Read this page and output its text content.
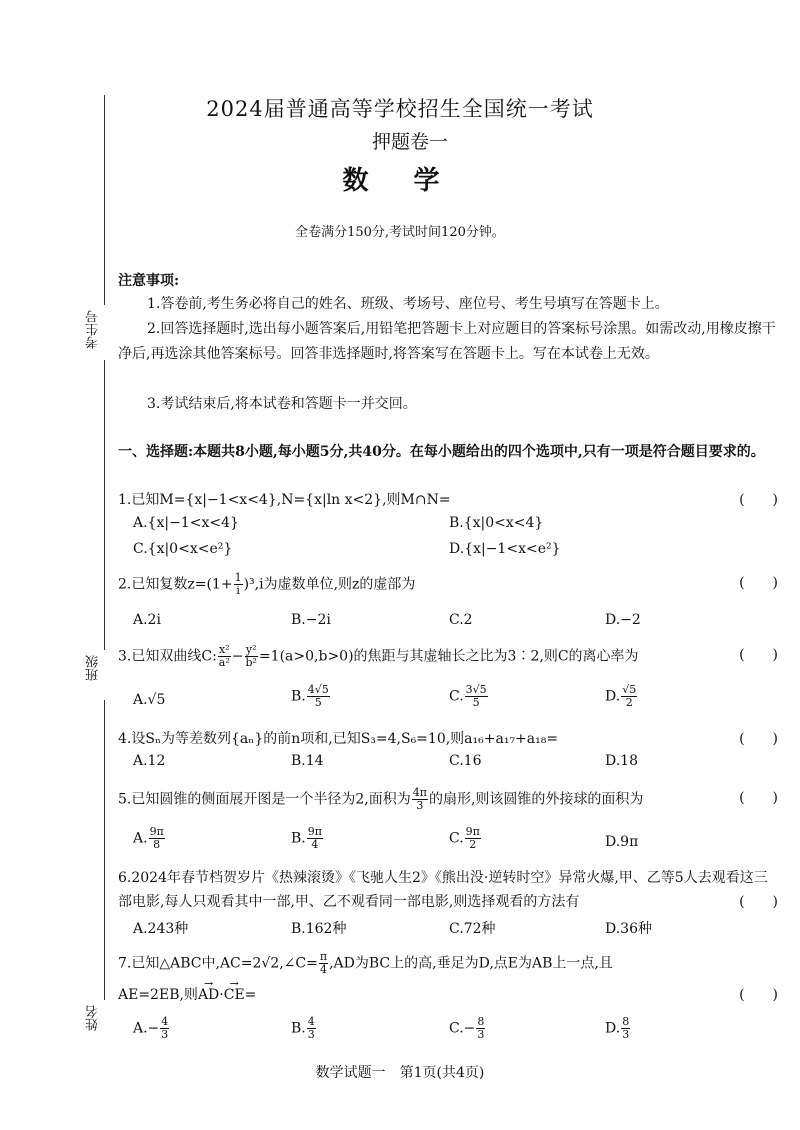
2024届普通高等学校招生全国统一考试
押题卷一
数 学
全卷满分150分,考试时间120分钟。
考生号
班级
姓名
注意事项:
1.答卷前,考生务必将自己的姓名、班级、考场号、座位号、考生号填写在答题卡上。
2.回答选择题时,选出每小题答案后,用铅笔把答题卡上对应题目的答案标号涂黑。如需改动,用橡皮擦干净后,再选涂其他答案标号。回答非选择题时,将答案写在答题卡上。写在本试卷上无效。
3.考试结束后,将本试卷和答题卡一并交回。
一、选择题:本题共8小题,每小题5分,共40分。在每小题给出的四个选项中,只有一项是符合题目要求的。
1.已知M={x|−1<x<4},N={x|ln x<2},则M∩N=	(　　)
A.{x|−1<x<4}	B.{x|0<x<4}
C.{x|0<x<e²}	D.{x|−1<x<e²}
2.已知复数$z=(1+ \frac{1}{i} )^3,i$为虚数单位,则z的虚部为	(　　)
A.2i	B.−2i	C.2	D.−2
3.已知双曲线C: $\frac{\text{x²}}{\text{a²}} - \frac{\text{y²}}{\text{b²}} =1(a>0,b>0)$的焦距与其虚轴长之比为3∶2,则C的离心率为	(　　)
A.√5	B. $\frac{4√5}{5}$	C. $\frac{3√5}{5}$	D. $\frac{√5}{2}$
4.设Sₙ为等差数列{aₙ}的前n项和,已知S₃=4,S₆=10,则a₁₆+a₁₇+a₁₈=	(　　)
A.12	B.14	C.16	D.18
5.已知圆锥的侧面展开图是一个半径为2,面积为 $\frac{4\pi}{3}$ 的扇形,则该圆锥的外接球的面积为	(　　)
A. $\frac{9\pi}{8}$	B. $\frac{9\pi}{4}$	C. $\frac{9\pi}{2}$	D.9π
6.2024年春节档贺岁片《热辣滚烫》《飞驰人生2》《熊出没·逆转时空》异常火爆,甲、乙等5人去观看这三部电影,每人只观看其中一部,甲、乙不观看同一部电影,则选择观看的方法有	(　　)
A.243种	B.162种	C.72种	D.36种
7.已知△ABC中,AC=2√2,∠C= $\frac{\pi}{4} ,AD$为BC上的高,垂足为D,点E为AB上一点,且
AE=2EB,则→ AD·→ CE=	(　　)
$A.- \frac{4}{3}$	B. $\frac{4}{3}$	$C.- \frac{8}{3}$	D. $\frac{8}{3}$
数学试题一　第1页(共4页)
